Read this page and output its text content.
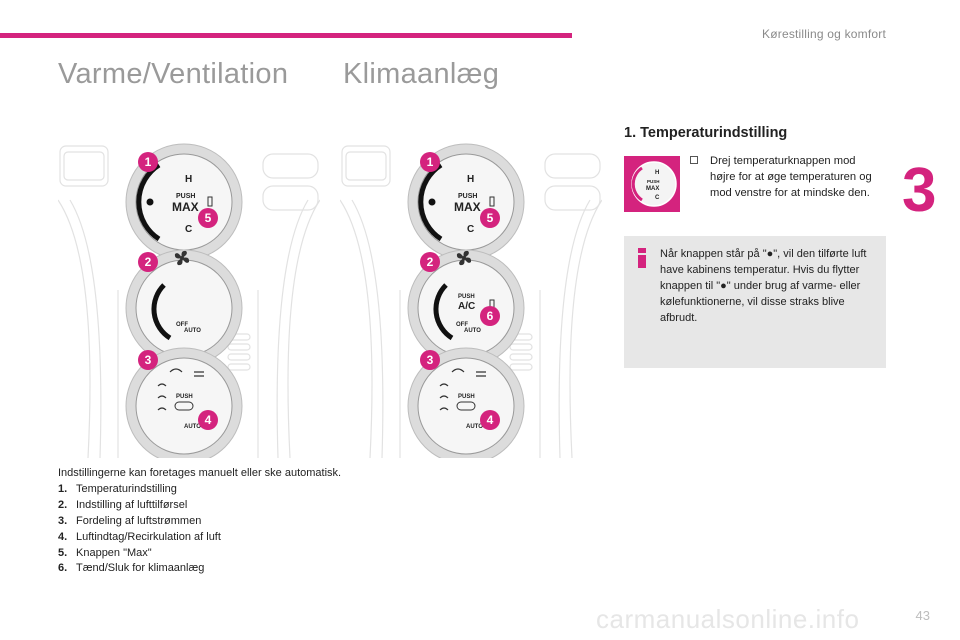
Kørestilling og komfort
3
Varme/Ventilation Klimaanlæg
H
C
PUSH
MAX
OFF
AUTO
PUSH
AUTO
1
5
2
3
4
H
C
PUSH
MAX
PUSH
A/C
OFF
AUTO
PUSH
AUTO
1
5
2
6
3
4
Indstillingerne kan foretages manuelt eller ske automatisk.
1. Temperaturindstilling
2. Indstilling af lufttilførsel
3. Fordeling af luftstrømmen
4. Luftindtag/Recirkulation af luft
5. Knappen "Max"
6. Tænd/Sluk for klimaanlæg
1. Temperaturindstilling
H
C
PUSH
MAX
Drej temperaturknappen mod højre for at øge temperaturen og mod venstre for at mindske den.
Når knappen står på "●", vil den tilførte luft have kabinens temperatur. Hvis du flytter knappen til "●" under brug af varme- eller kølefunktionerne, vil disse straks blive afbrudt.
carmanualsonline.info	43
